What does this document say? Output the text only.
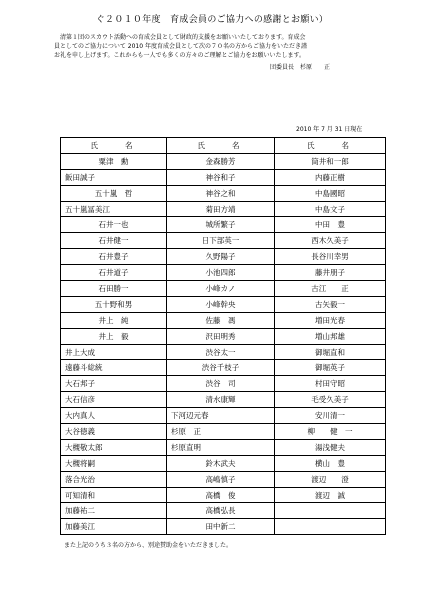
ぐ２０１０年度　育成会員のご協力への感謝とお願い）
清第１団のスカウト活動への育成会員として財政的支援をお願いいたしております。育成会
員としてのご協力について 2010 年度育成会員として次の７０名の方からご協力をいただき謹
お礼を申し上げます。これからも一人でも多くの方々のご理解とご協力をお願いいたします。
団委員長　杉原　　正
2010 年 7 月 31 日現在
氏　　名	氏　　名	氏　　名
粟津　勳	金森勝芳	筒井和一郎
飯田誠子	神谷和子	内藤正樹
五十嵐　哲	神谷之和	中島國昭
五十嵐冨美江	菊田方靖	中島文子
石井一也	城所繁子	中田　豊
石井健一	日下部英一	西木久美子
石井豊子	久野陽子	長谷川幸男
石井道子	小池四郎	藤井朋子
石田勝一	小峰カノ	古江　　正
五十野和男	小峰幹央	古矢毅一
井上　純	佐藤　馮	増田光春
井上　毅	沢田明秀	増山邦雄
井上大成	渋谷太一	御堀直和
遠藤斗総統	渋谷千枝子	御堀英子
大石邦子	渋谷　司	村田守昭
大石信彦	清水康輝	毛受久美子
大内真人	下河辺元春	安川清一
大谷徳義	杉原　正	柳　　健　一
大槻敬太郎	杉原直明	湯浅健夫
大槻将嗣	鈴木武夫	横山　豊
落合光治	高嶋慎子	渡辺　　澄
可知清和	高橋　俊	渡辺　誠
加藤祐二	高橋弘長	
加藤美江	田中新二	
また上記のうち３名の方から、別途賛助金をいただきました。
